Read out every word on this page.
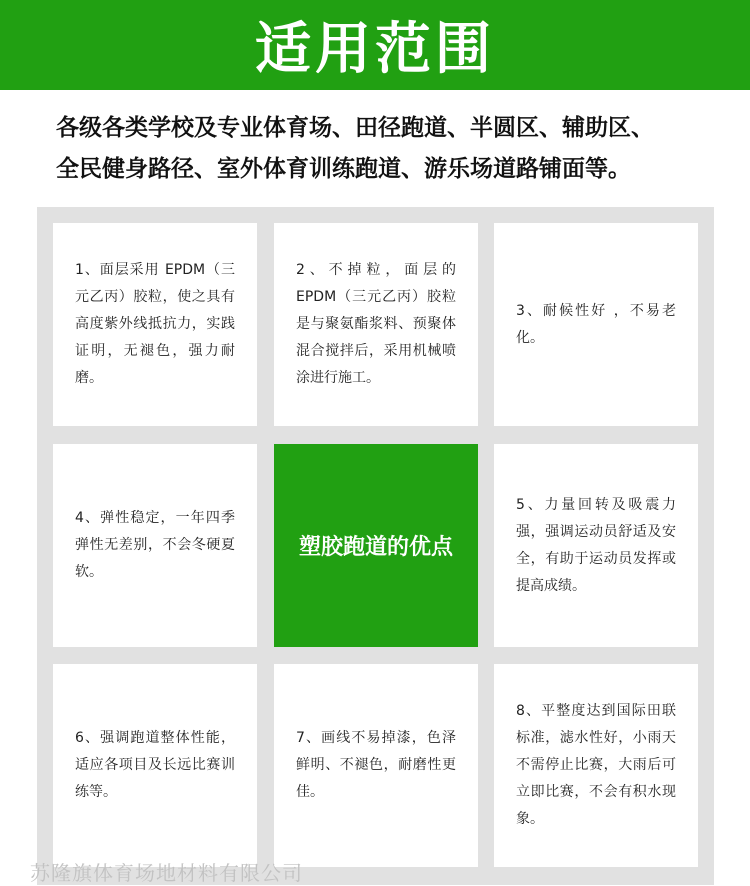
适用范围
各级各类学校及专业体育场、田径跑道、半圆区、辅助区、
全民健身路径、室外体育训练跑道、游乐场道路铺面等。
1、面层采用 EPDM（三元乙丙）胶粒，使之具有高度紫外线抵抗力，实践证明，无褪色，强力耐磨。
2、不掉粒，面层的EPDM（三元乙丙）胶粒是与聚氨酯浆料、预聚体混合搅拌后，采用机械喷涂进行施工。
3、耐候性好 ，不易老化。
4、弹性稳定，一年四季弹性无差别，不会冬硬夏软。
塑胶跑道的优点
5、力量回转及吸震力强，强调运动员舒适及安全，有助于运动员发挥或提高成绩。
6、强调跑道整体性能，适应各项目及长远比赛训练等。
7、画线不易掉漆，色泽鲜明、不褪色，耐磨性更佳。
8、平整度达到国际田联标准，滤水性好，小雨天不需停止比赛，大雨后可立即比赛，不会有积水现象。
苏隆旗体育场地材料有限公司
